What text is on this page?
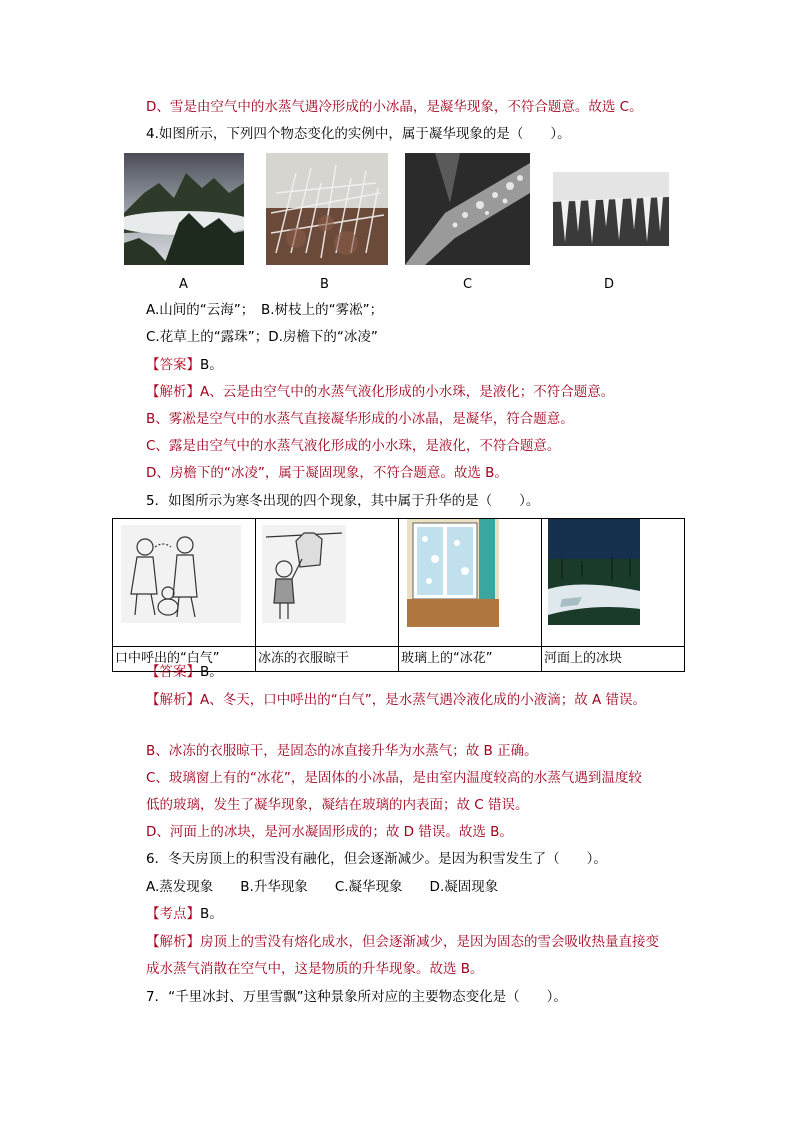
D、雪是由空气中的水蒸气遇冷形成的小冰晶，是凝华现象，不符合题意。故选 C。
4.如图所示，下列四个物态变化的实例中，属于凝华现象的是（　　）。
A	B	C	D
A.山间的“云海”；　B.树枝上的“雾凇”；
C.花草上的“露珠”；D.房檐下的“冰凌”
【答案】B。
【解析】A、云是由空气中的水蒸气液化形成的小水珠，是液化；不符合题意。
B、雾凇是空气中的水蒸气直接凝华形成的小冰晶，是凝华，符合题意。
C、露是由空气中的水蒸气液化形成的小水珠，是液化，不符合题意。
D、房檐下的“冰凌”，属于凝固现象，不符合题意。故选 B。
5．如图所示为寒冬出现的四个现象，其中属于升华的是（　　）。

口中呼出的“白气”	冰冻的衣服晾干	玻璃上的“冰花”	河面上的冰块
【答案】B。
【解析】A、冬天，口中呼出的“白气”，是水蒸气遇冷液化成的小液滴；故 A 错误。
B、冰冻的衣服晾干，是固态的冰直接升华为水蒸气；故 B 正确。
C、玻璃窗上有的“冰花”，是固体的小冰晶，是由室内温度较高的水蒸气遇到温度较
低的玻璃，发生了凝华现象，凝结在玻璃的内表面；故 C 错误。
D、河面上的冰块，是河水凝固形成的；故 D 错误。故选 B。
6．冬天房顶上的积雪没有融化，但会逐渐减少。是因为积雪发生了（　　）。
A.蒸发现象　　B.升华现象　　C.凝华现象　　D.凝固现象
【考点】B。
【解析】房顶上的雪没有熔化成水，但会逐渐减少，是因为固态的雪会吸收热量直接变
成水蒸气消散在空气中，这是物质的升华现象。故选 B。
7．“千里冰封、万里雪飘”这种景象所对应的主要物态变化是（　　）。
